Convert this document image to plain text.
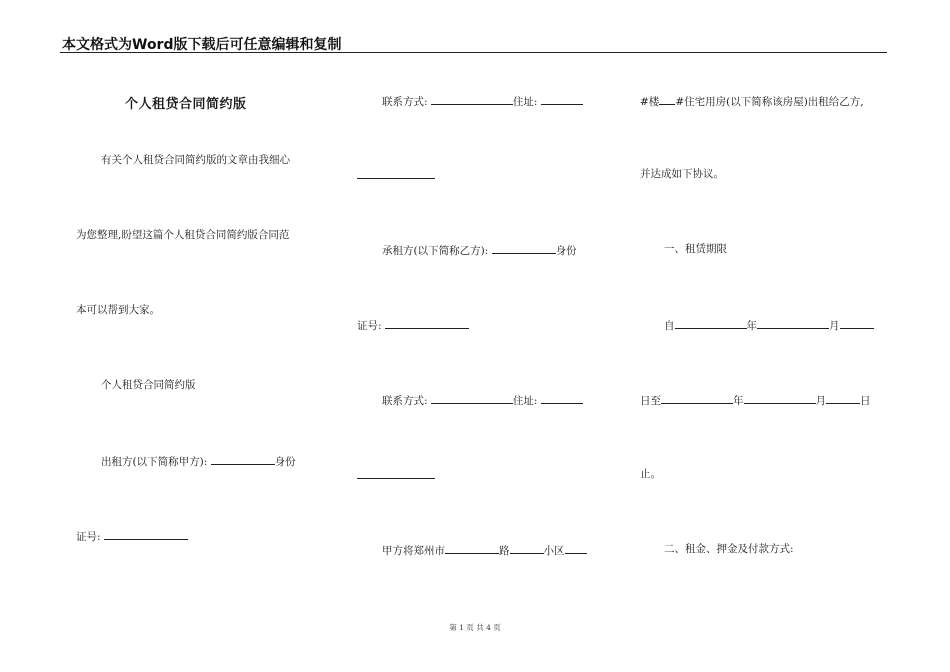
本文格式为Word版下载后可任意编辑和复制
个人租贷合同简约版
有关个人租贷合同简约版的文章由我细心
为您整理,盼望这篇个人租贷合同简约版合同范
本可以帮到大家。
个人租贷合同简约版
出租方(以下简称甲方):	身份
证号:
联系方式:	住址:
承租方(以下简称乙方):	身份
证号:
联系方式:	住址:
甲方将郑州市	路	小区
#楼 #住宅用房(以下简称该房屋)出租给乙方,
并达成如下协议。
一、租赁期限
自	年	月
日至	年	月	日
止。
二、租金、押金及付款方式:
第 1 页 共 4 页
